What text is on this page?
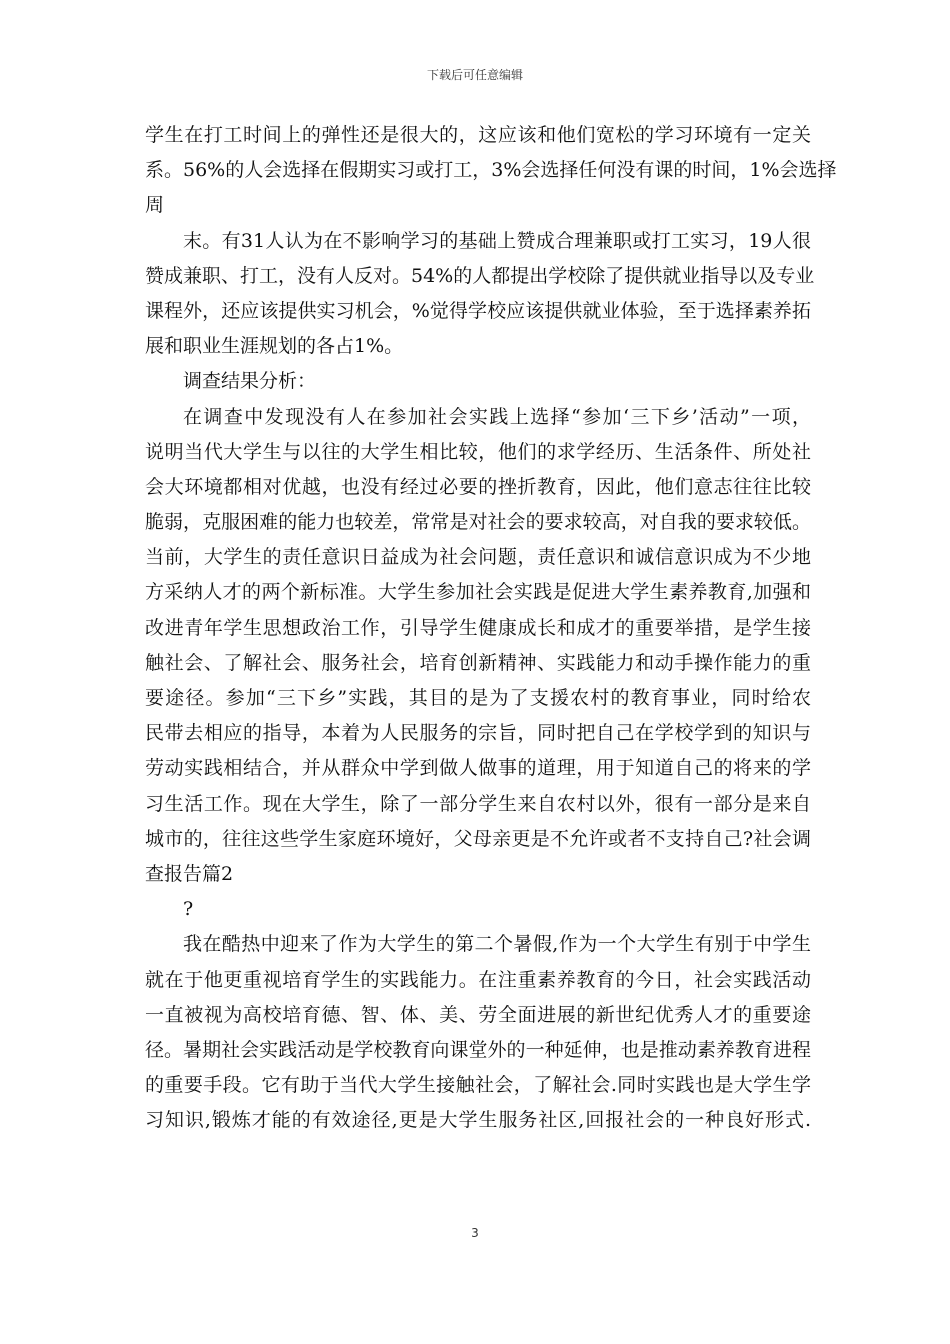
下载后可任意编辑
学生在打工时间上的弹性还是很大的，这应该和他们宽松的学习环境有一定关
系。56%的人会选择在假期实习或打工，3%会选择任何没有课的时间，1%会选择
周
末。有31人认为在不影响学习的基础上赞成合理兼职或打工实习，19人很
赞成兼职、打工，没有人反对。54%的人都提出学校除了提供就业指导以及专业
课程外，还应该提供实习机会，%觉得学校应该提供就业体验，至于选择素养拓
展和职业生涯规划的各占1%。
调查结果分析：
在调查中发现没有人在参加社会实践上选择“参加‘三下乡’活动”一项，
说明当代大学生与以往的大学生相比较，他们的求学经历、生活条件、所处社
会大环境都相对优越，也没有经过必要的挫折教育，因此，他们意志往往比较
脆弱，克服困难的能力也较差，常常是对社会的要求较高，对自我的要求较低。
当前，大学生的责任意识日益成为社会问题，责任意识和诚信意识成为不少地
方采纳人才的两个新标准。大学生参加社会实践是促进大学生素养教育,加强和
改进青年学生思想政治工作，引导学生健康成长和成才的重要举措，是学生接
触社会、了解社会、服务社会，培育创新精神、实践能力和动手操作能力的重
要途径。参加“三下乡”实践，其目的是为了支援农村的教育事业，同时给农
民带去相应的指导，本着为人民服务的宗旨，同时把自己在学校学到的知识与
劳动实践相结合，并从群众中学到做人做事的道理，用于知道自己的将来的学
习生活工作。现在大学生，除了一部分学生来自农村以外，很有一部分是来自
城市的，往往这些学生家庭环境好，父母亲更是不允许或者不支持自己?社会调
查报告篇2
?
我在酷热中迎来了作为大学生的第二个暑假,作为一个大学生有别于中学生
就在于他更重视培育学生的实践能力。在注重素养教育的今日，社会实践活动
一直被视为高校培育德、智、体、美、劳全面进展的新世纪优秀人才的重要途
径。暑期社会实践活动是学校教育向课堂外的一种延伸，也是推动素养教育进程
的重要手段。它有助于当代大学生接触社会，了解社会.同时实践也是大学生学
习知识,锻炼才能的有效途径,更是大学生服务社区,回报社会的一种良好形式.
3
